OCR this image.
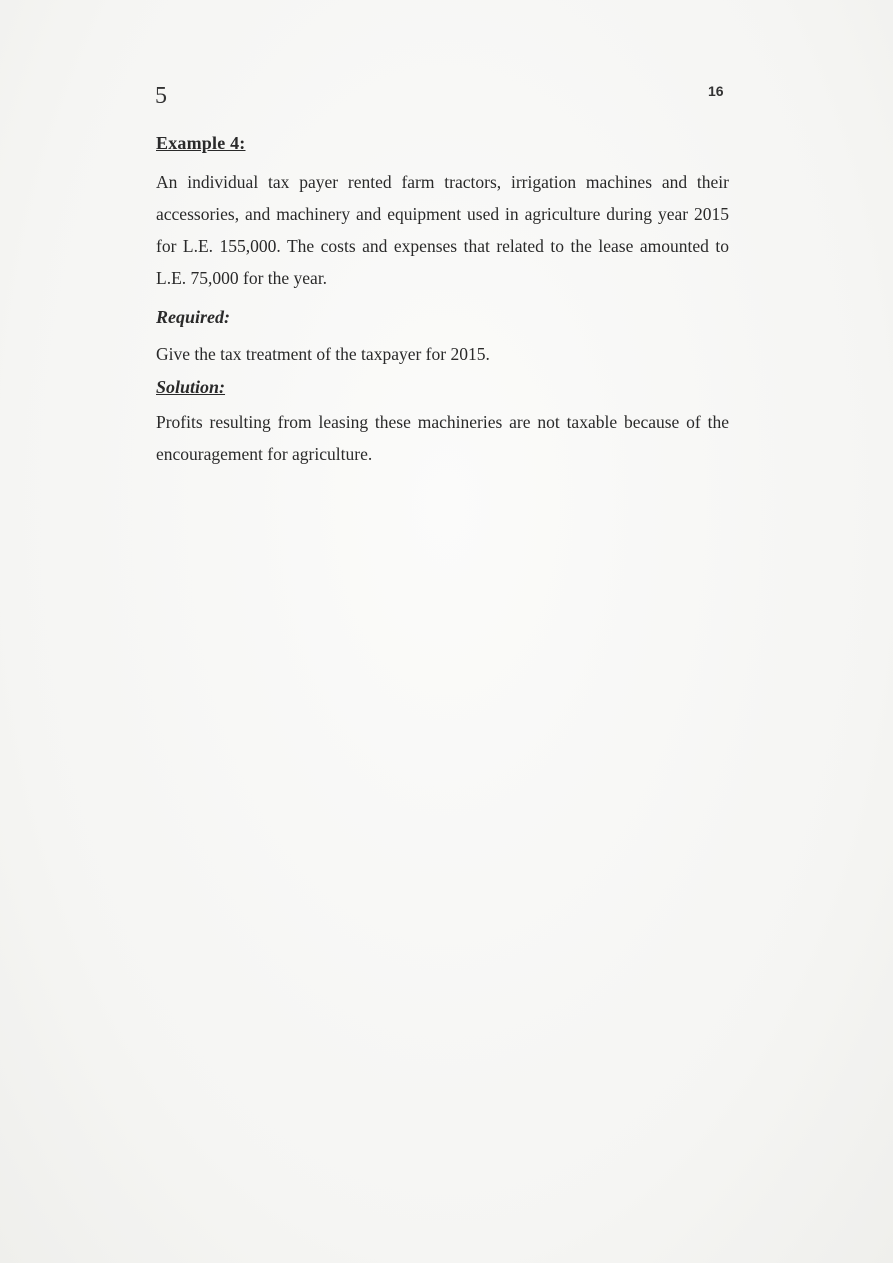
5	16
Example 4:

An individual tax payer rented farm tractors, irrigation machines and their accessories, and machinery and equipment used in agriculture during year 2015 for L.E. 155,000. The costs and expenses that related to the lease amounted to L.E. 75,000 for the year.

Required:

Give the tax treatment of the taxpayer for 2015.

Solution:

Profits resulting from leasing these machineries are not taxable because of the encouragement for agriculture.
